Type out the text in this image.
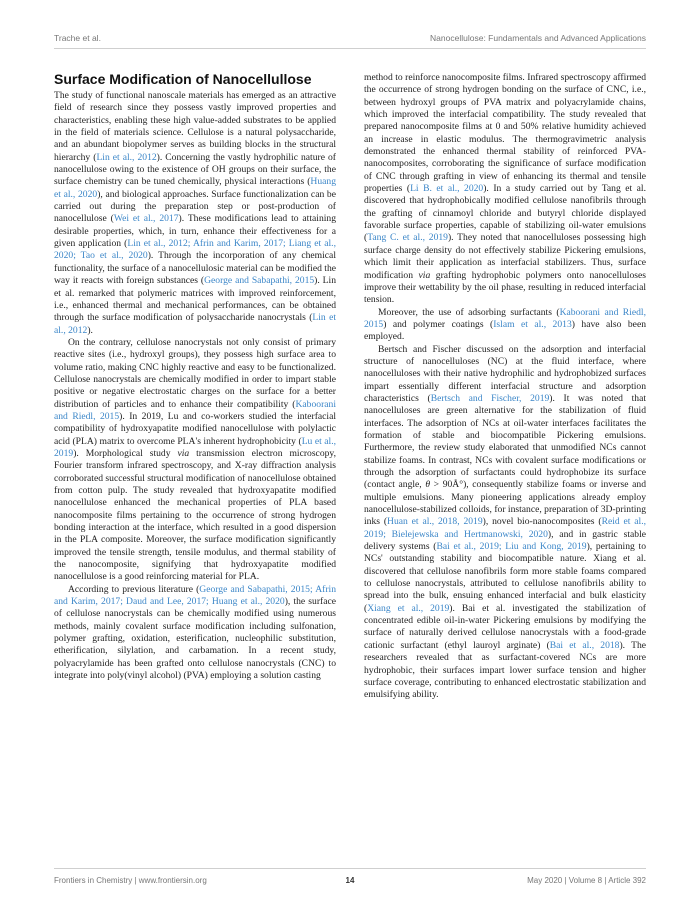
Trache et al.	Nanocellulose: Fundamentals and Advanced Applications
Surface Modification of Nanocellullose

The study of functional nanoscale materials has emerged as an attractive field of research since they possess vastly improved properties and characteristics, enabling these high value-added substrates to be applied in the field of materials science. Cellulose is a natural polysaccharide, and an abundant biopolymer serves as building blocks in the structural hierarchy (Lin et al., 2012). Concerning the vastly hydrophilic nature of nanocellulose owing to the existence of OH groups on their surface, the surface chemistry can be tuned chemically, physical interactions (Huang et al., 2020), and biological approaches. Surface functionalization can be carried out during the preparation step or post-production of nanocellulose (Wei et al., 2017). These modifications lead to attaining desirable properties, which, in turn, enhance their effectiveness for a given application (Lin et al., 2012; Afrin and Karim, 2017; Liang et al., 2020; Tao et al., 2020). Through the incorporation of any chemical functionality, the surface of a nanocellulosic material can be modified the way it reacts with foreign substances (George and Sabapathi, 2015). Lin et al. remarked that polymeric matrices with improved reinforcement, i.e., enhanced thermal and mechanical performances, can be obtained through the surface modification of polysaccharide nanocrystals (Lin et al., 2012).

On the contrary, cellulose nanocrystals not only consist of primary reactive sites (i.e., hydroxyl groups), they possess high surface area to volume ratio, making CNC highly reactive and easy to be functionalized. Cellulose nanocrystals are chemically modified in order to impart stable positive or negative electrostatic charges on the surface for a better distribution of particles and to enhance their compatibility (Kaboorani and Riedl, 2015). In 2019, Lu and co-workers studied the interfacial compatibility of hydroxyapatite modified nanocellulose with polylactic acid (PLA) matrix to overcome PLA's inherent hydrophobicity (Lu et al., 2019). Morphological study via transmission electron microscopy, Fourier transform infrared spectroscopy, and X-ray diffraction analysis corroborated successful structural modification of nanocellulose obtained from cotton pulp. The study revealed that hydroxyapatite modified nanocellulose enhanced the mechanical properties of PLA based nanocomposite films pertaining to the occurrence of strong hydrogen bonding interaction at the interface, which resulted in a good dispersion in the PLA composite. Moreover, the surface modification significantly improved the tensile strength, tensile modulus, and thermal stability of the nanocomposite, signifying that hydroxyapatite modified nanocellulose is a good reinforcing material for PLA.

According to previous literature (George and Sabapathi, 2015; Afrin and Karim, 2017; Daud and Lee, 2017; Huang et al., 2020), the surface of cellulose nanocrystals can be chemically modified using numerous methods, mainly covalent surface modification including sulfonation, polymer grafting, oxidation, esterification, nucleophilic substitution, etherification, silylation, and carbamation. In a recent study, polyacrylamide has been grafted onto cellulose nanocrystals (CNC) to integrate into poly(vinyl alcohol) (PVA) employing a solution casting

method to reinforce nanocomposite films. Infrared spectroscopy affirmed the occurrence of strong hydrogen bonding on the surface of CNC, i.e., between hydroxyl groups of PVA matrix and polyacrylamide chains, which improved the interfacial compatibility. The study revealed that prepared nanocomposite films at 0 and 50% relative humidity achieved an increase in elastic modulus. The thermogravimetric analysis demonstrated the enhanced thermal stability of reinforced PVA-nanocomposites, corroborating the significance of surface modification of CNC through grafting in view of enhancing its thermal and tensile properties (Li B. et al., 2020). In a study carried out by Tang et al. discovered that hydrophobically modified cellulose nanofibrils through the grafting of cinnamoyl chloride and butyryl chloride displayed favorable surface properties, capable of stabilizing oil-water emulsions (Tang C. et al., 2019). They noted that nanocelluloses possessing high surface charge density do not effectively stabilize Pickering emulsions, which limit their application as interfacial stabilizers. Thus, surface modification via grafting hydrophobic polymers onto nanocelluloses improve their wettability by the oil phase, resulting in reduced interfacial tension.

Moreover, the use of adsorbing surfactants (Kaboorani and Riedl, 2015) and polymer coatings (Islam et al., 2013) have also been employed.

Bertsch and Fischer discussed on the adsorption and interfacial structure of nanocelluloses (NC) at the fluid interface, where nanocelluloses with their native hydrophilic and hydrophobized surfaces impart essentially different interfacial structure and adsorption characteristics (Bertsch and Fischer, 2019). It was noted that nanocelluloses are green alternative for the stabilization of fluid interfaces. The adsorption of NCs at oil-water interfaces facilitates the formation of stable and biocompatible Pickering emulsions. Furthermore, the review study elaborated that unmodified NCs cannot stabilize foams. In contrast, NCs with covalent surface modifications or through the adsorption of surfactants could hydrophobize its surface (contact angle, θ > 90Å°), consequently stabilize foams or inverse and multiple emulsions. Many pioneering applications already employ nanocellulose-stabilized colloids, for instance, preparation of 3D-printing inks (Huan et al., 2018, 2019), novel bio-nanocomposites (Reid et al., 2019; Bielejewska and Hertmanowski, 2020), and in gastric stable delivery systems (Bai et al., 2019; Liu and Kong, 2019), pertaining to NCs' outstanding stability and biocompatible nature. Xiang et al. discovered that cellulose nanofibrils form more stable foams compared to cellulose nanocrystals, attributed to cellulose nanofibrils ability to spread into the bulk, ensuing enhanced interfacial and bulk elasticity (Xiang et al., 2019). Bai et al. investigated the stabilization of concentrated edible oil-in-water Pickering emulsions by modifying the surface of naturally derived cellulose nanocrystals with a food-grade cationic surfactant (ethyl lauroyl arginate) (Bai et al., 2018). The researchers revealed that as surfactant-covered NCs are more hydrophobic, their surfaces impart lower surface tension and higher surface coverage, contributing to enhanced electrostatic stabilization and emulsifying ability.

Frontiers in Chemistry | www.frontiersin.org	14	May 2020 | Volume 8 | Article 392
